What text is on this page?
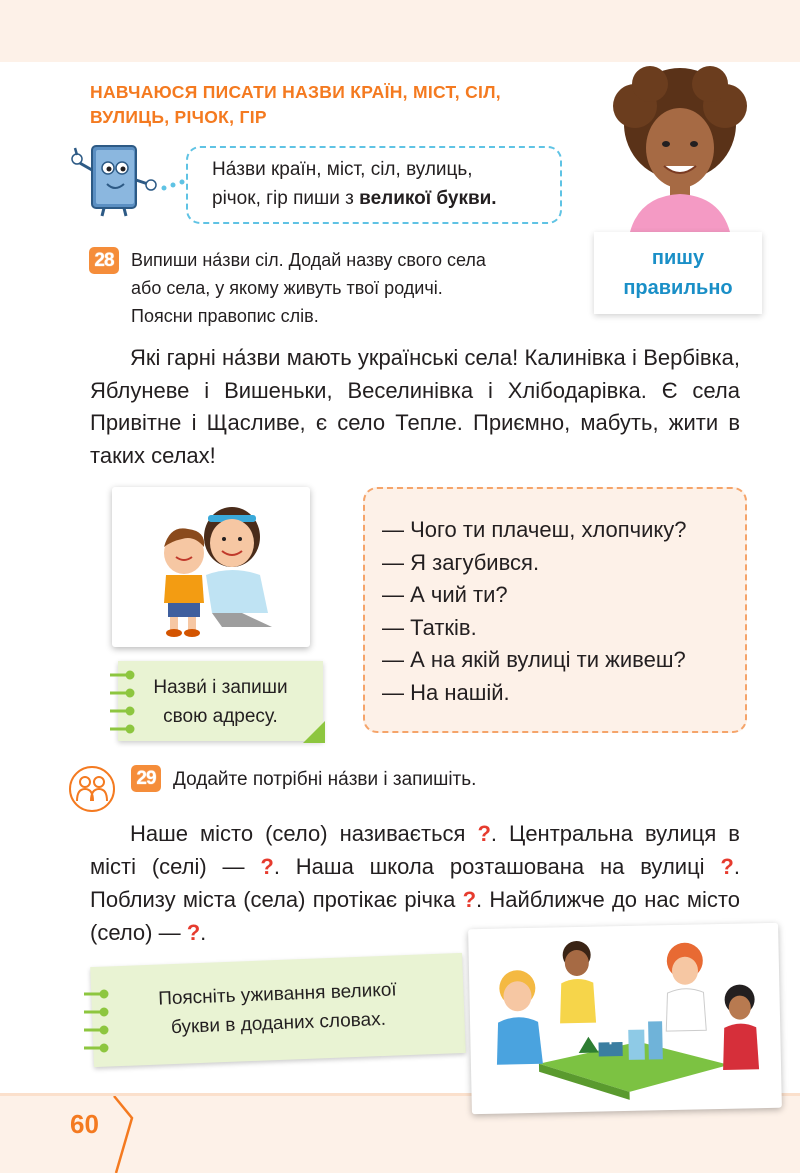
НАВЧАЮСЯ ПИСАТИ НАЗВИ КРАЇН, МІСТ, СІЛ,
ВУЛИЦЬ, РІЧОК, ГІР
На́зви країн, міст, сіл, вулиць,
річок, гір пиши з великої букви.
пишу
правильно
28 Випиши на́зви сіл. Додай назву свого села
або села, у якому живуть твої родичі.
Поясни правопис слів.
Які гарні на́зви мають українські села! Калинівка і Вербівка, Яблуневе і Вишеньки, Веселинівка і Хлібодарівка. Є села Привітне і Щасливе, є село Тепле. Приємно, мабуть, жити в таких селах!
Назви́ і запиши
свою адресу.
— Чого ти плачеш, хлопчику?
— Я загубився.
— А чий ти?
— Татків.
— А на якій вулиці ти живеш?
— На нашій.
29 Додайте потрібні на́зви і запишіть.
Наше місто (село) називається ?. Центральна вулиця в місті (селі) — ?. Наша школа розташована на вулиці ?. Поблизу міста (села) протікає річка ?. Найближче до нас місто (село) — ?.
Поясніть уживання великої
букви в доданих словах.
60
